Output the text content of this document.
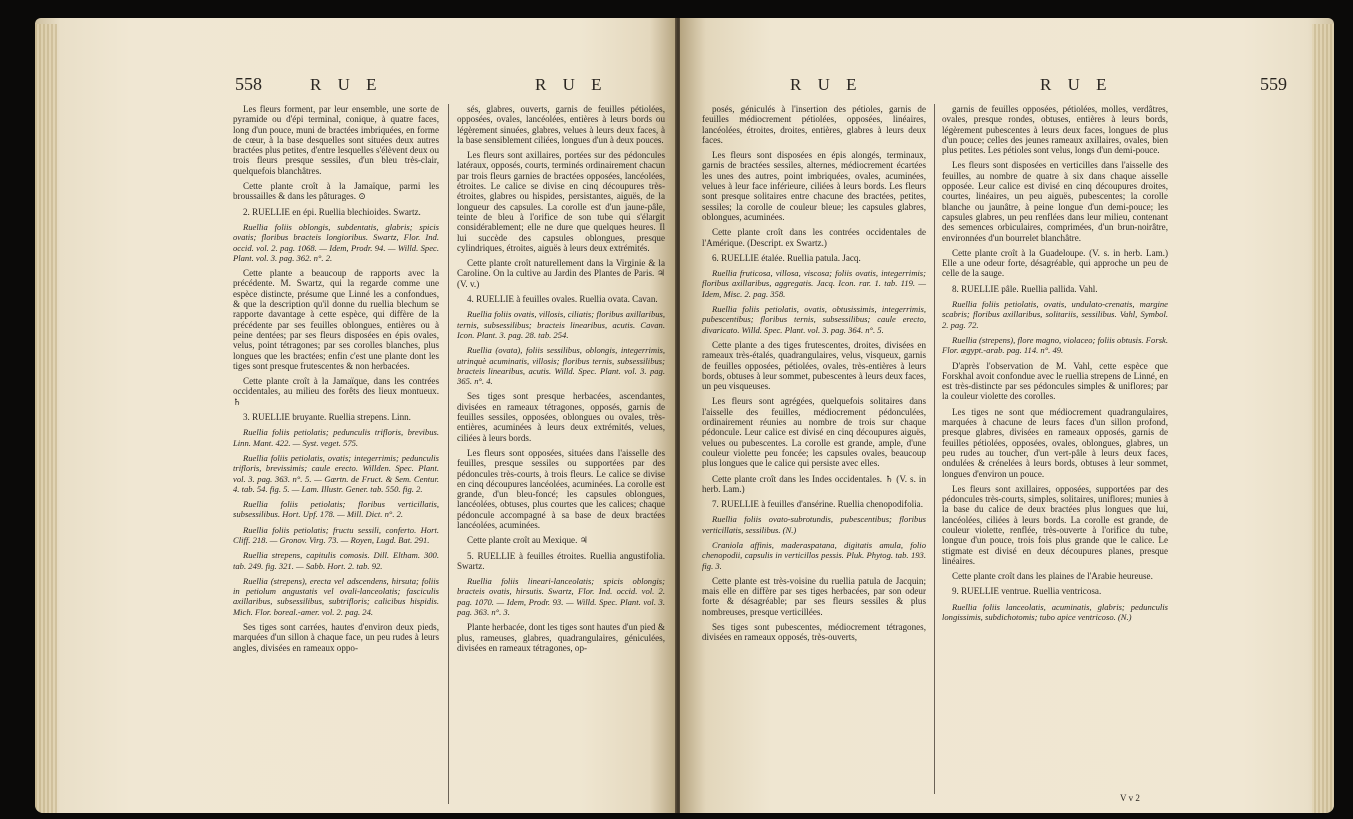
558	R U E	R U E

Les fleurs forment, par leur ensemble, une sorte de pyramide ou d'épi terminal, conique, à quatre faces, long d'un pouce, muni de bractées imbriquées, en forme de cœur, à la base desquelles sont situées deux autres bractées plus petites, d'entre lesquelles s'élèvent deux ou trois fleurs presque sessiles, d'un bleu très-clair, quelquefois blanchâtres.

Cette plante croît à la Jamaïque, parmi les broussailles & dans les pâturages. ⊙

2. RUELLIE en épi. Ruellia blechioides. Swartz.

Ruellia foliis oblongis, subdentatis, glabris; spicis ovatis; floribus bracteis longioribus. Swartz, Flor. Ind. occid. vol. 2. pag. 1068. — Idem, Prodr. 94. — Willd. Spec. Plant. vol. 3. pag. 362. n°. 2.

Cette plante a beaucoup de rapports avec la précédente. M. Swartz, qui la regarde comme une espèce distincte, présume que Linné les a confondues, & que la description qu'il donne du ruellia blechum se rapporte davantage à cette espèce, qui diffère de la précédente par ses feuilles oblongues, entières ou à peine dentées; par ses fleurs disposées en épis ovales, velus, point tétragones; par ses corolles blanches, plus longues que les bractées; enfin c'est une plante dont les tiges sont presque frutescentes & non herbacées.

Cette plante croît à la Jamaïque, dans les contrées occidentales, au milieu des forêts des lieux montueux. ♄

3. RUELLIE bruyante. Ruellia strepens. Linn.

Ruellia foliis petiolatis; pedunculis trifloris, brevibus. Linn. Mant. 422. — Syst. veget. 575.

Ruellia foliis petiolatis, ovatis; integerrimis; pedunculis trifloris, brevissimis; caule erecto. Willden. Spec. Plant. vol. 3. pag. 363. n°. 5. — Gærtn. de Fruct. & Sem. Centur. 4. tab. 54. fig. 5. — Lam. Illustr. Gener. tab. 550. fig. 2.

Ruellia foliis petiolatis; floribus verticillatis, subsessilibus. Hort. Upf. 178. — Mill. Dict. n°. 2.

Ruellia foliis petiolatis; fructu sessili, conferto. Hort. Cliff. 218. — Gronov. Virg. 73. — Royen, Lugd. Bat. 291.

Ruellia strepens, capitulis comosis. Dill. Eltham. 300. tab. 249. fig. 321. — Sabb. Hort. 2. tab. 92.

Ruellia (strepens), erecta vel adscendens, hirsuta; foliis in petiolum angustatis vel ovali-lanceolatis; fasciculis axillaribus, subsessilibus, subtrifloris; calicibus hispidis. Mich. Flor. boreal.-amer. vol. 2. pag. 24.

Ses tiges sont carrées, hautes d'environ deux pieds, marquées d'un sillon à chaque face, un peu rudes à leurs angles, divisées en rameaux oppo-

sés, glabres, ouverts, garnis de feuilles pétiolées, opposées, ovales, lancéolées, entières à leurs bords ou légèrement sinuées, glabres, velues à leurs deux faces, à la base sensiblement ciliées, longues d'un à deux pouces.

Les fleurs sont axillaires, portées sur des pédoncules latéraux, opposés, courts, terminés ordinairement chacun par trois fleurs garnies de bractées opposées, lancéolées, étroites. Le calice se divise en cinq découpures très-étroites, glabres ou hispides, persistantes, aiguës, de la longueur des capsules. La corolle est d'un jaune-pâle, teinte de bleu à l'orifice de son tube qui s'élargit considérablement; elle ne dure que quelques heures. Il lui succède des capsules oblongues, presque cylindriques, étroites, aiguës à leurs deux extrémités.

Cette plante croît naturellement dans la Virginie & la Caroline. On la cultive au Jardin des Plantes de Paris. ♃ (V. v.)

4. RUELLIE à feuilles ovales. Ruellia ovata. Cavan.

Ruellia foliis ovatis, villosis, ciliatis; floribus axillaribus, ternis, subsessilibus; bracteis linearibus, acutis. Cavan. Icon. Plant. 3. pag. 28. tab. 254.

Ruellia (ovata), foliis sessilibus, oblongis, integerrimis, utrinquè acuminatis, villosis; floribus ternis, subsessilibus; bracteis linearibus, acutis. Willd. Spec. Plant. vol. 3. pag. 365. n°. 4.

Ses tiges sont presque herbacées, ascendantes, divisées en rameaux tétragones, opposés, garnis de feuilles sessiles, opposées, oblongues ou ovales, très-entières, acuminées à leurs deux extrémités, velues, ciliées à leurs bords.

Les fleurs sont opposées, situées dans l'aisselle des feuilles, presque sessiles ou supportées par des pédoncules très-courts, à trois fleurs. Le calice se divise en cinq découpures lancéolées, acuminées. La corolle est grande, d'un bleu-foncé; les capsules oblongues, lancéolées, obtuses, plus courtes que les calices; chaque pédoncule accompagné à sa base de deux bractées lancéolées, acuminées.

Cette plante croît au Mexique. ♃

5. RUELLIE à feuilles étroites. Ruellia angustifolia. Swartz.

Ruellia foliis lineari-lanceolatis; spicis oblongis; bracteis ovatis, hirsutis. Swartz, Flor. Ind. occid. vol. 2. pag. 1070. — Idem, Prodr. 93. — Willd. Spec. Plant. vol. 3. pag. 363. n°. 3.

Plante herbacée, dont les tiges sont hautes d'un pied & plus, rameuses, glabres, quadrangulaires, géniculées, divisées en rameaux tétragones, op-

R U E	R U E	559

posés, géniculés à l'insertion des pétioles, garnis de feuilles médiocrement pétiolées, opposées, linéaires, lancéolées, étroites, droites, entières, glabres à leurs deux faces.

Les fleurs sont disposées en épis alongés, terminaux, garnis de bractées sessiles, alternes, médiocrement écartées les unes des autres, point imbriquées, ovales, acuminées, velues à leur face inférieure, ciliées à leurs bords. Les fleurs sont presque solitaires entre chacune des bractées, petites, sessiles; la corolle de couleur bleue; les capsules glabres, oblongues, acuminées.

Cette plante croît dans les contrées occidentales de l'Amérique. (Descript. ex Swartz.)

6. RUELLIE étalée. Ruellia patula. Jacq.

Ruellia fruticosa, villosa, viscosa; foliis ovatis, integerrimis; floribus axillaribus, aggregatis. Jacq. Icon. rar. 1. tab. 119. — Idem, Misc. 2. pag. 358.

Ruellia foliis petiolatis, ovatis, obtusissimis, integerrimis, pubescentibus; floribus ternis, subsessilibus; caule erecto, divaricato. Willd. Spec. Plant. vol. 3. pag. 364. n°. 5.

Cette plante a des tiges frutescentes, droites, divisées en rameaux très-étalés, quadrangulaires, velus, visqueux, garnis de feuilles opposées, pétiolées, ovales, très-entières à leurs bords, obtuses à leur sommet, pubescentes à leurs deux faces, un peu visqueuses.

Les fleurs sont agrégées, quelquefois solitaires dans l'aisselle des feuilles, médiocrement pédonculées, ordinairement réunies au nombre de trois sur chaque pédoncule. Leur calice est divisé en cinq découpures aiguës, velues ou pubescentes. La corolle est grande, ample, d'une couleur violette peu foncée; les capsules ovales, beaucoup plus longues que le calice qui persiste avec elles.

Cette plante croît dans les Indes occidentales. ♄ (V. s. in herb. Lam.)

7. RUELLIE à feuilles d'ansérine. Ruellia chenopodifolia.

Ruellia foliis ovato-subrotundis, pubescentibus; floribus verticillatis, sessilibus. (N.)

Craniola affinis, maderaspatana, digitatis amula, folio chenopodii, capsulis in verticillos pessis. Pluk. Phytog. tab. 193. fig. 3.

Cette plante est très-voisine du ruellia patula de Jacquin; mais elle en diffère par ses tiges herbacées, par son odeur forte & désagréable; par ses fleurs sessiles & plus nombreuses, presque verticillées.

Ses tiges sont pubescentes, médiocrement tétragones, divisées en rameaux opposés, très-ouverts,

garnis de feuilles opposées, pétiolées, molles, verdâtres, ovales, presque rondes, obtuses, entières à leurs bords, légèrement pubescentes à leurs deux faces, longues de plus d'un pouce; celles des jeunes rameaux axillaires, ovales, bien plus petites. Les pétioles sont velus, longs d'un demi-pouce.

Les fleurs sont disposées en verticilles dans l'aisselle des feuilles, au nombre de quatre à six dans chaque aisselle opposée. Leur calice est divisé en cinq découpures droites, courtes, linéaires, un peu aiguës, pubescentes; la corolle blanche ou jaunâtre, à peine longue d'un demi-pouce; les capsules glabres, un peu renflées dans leur milieu, contenant des semences orbiculaires, comprimées, d'un brun-noirâtre, environnées d'un bourrelet blanchâtre.

Cette plante croît à la Guadeloupe. (V. s. in herb. Lam.) Elle a une odeur forte, désagréable, qui approche un peu de celle de la sauge.

8. RUELLIE pâle. Ruellia pallida. Vahl.

Ruellia foliis petiolatis, ovatis, undulato-crenatis, margine scabris; floribus axillaribus, solitariis, sessilibus. Vahl, Symbol. 2. pag. 72.

Ruellia (strepens), flore magno, violaceo; foliis obtusis. Forsk. Flor. ægypt.-arab. pag. 114. n°. 49.

D'après l'observation de M. Vahl, cette espèce que Forskhal avoit confondue avec le ruellia strepens de Linné, en est très-distincte par ses pédoncules simples & uniflores; par la couleur violette des corolles.

Les tiges ne sont que médiocrement quadrangulaires, marquées à chacune de leurs faces d'un sillon profond, presque glabres, divisées en rameaux opposés, garnis de feuilles pétiolées, opposées, ovales, oblongues, glabres, un peu rudes au toucher, d'un vert-pâle à leurs deux faces, ondulées & crénelées à leurs bords, obtuses à leur sommet, longues d'environ un pouce.

Les fleurs sont axillaires, opposées, supportées par des pédoncules très-courts, simples, solitaires, uniflores; munies à la base du calice de deux bractées plus longues que lui, lancéolées, ciliées à leurs bords. La corolle est grande, de couleur violette, renflée, très-ouverte à l'orifice du tube, longue d'un pouce, trois fois plus grande que le calice. Le stigmate est divisé en deux découpures planes, presque linéaires.

Cette plante croît dans les plaines de l'Arabie heureuse.

9. RUELLIE ventrue. Ruellia ventricosa.

Ruellia foliis lanceolatis, acuminatis, glabris; pedunculis longissimis, subdichotomis; tubo apice ventricoso. (N.)

V v 2
